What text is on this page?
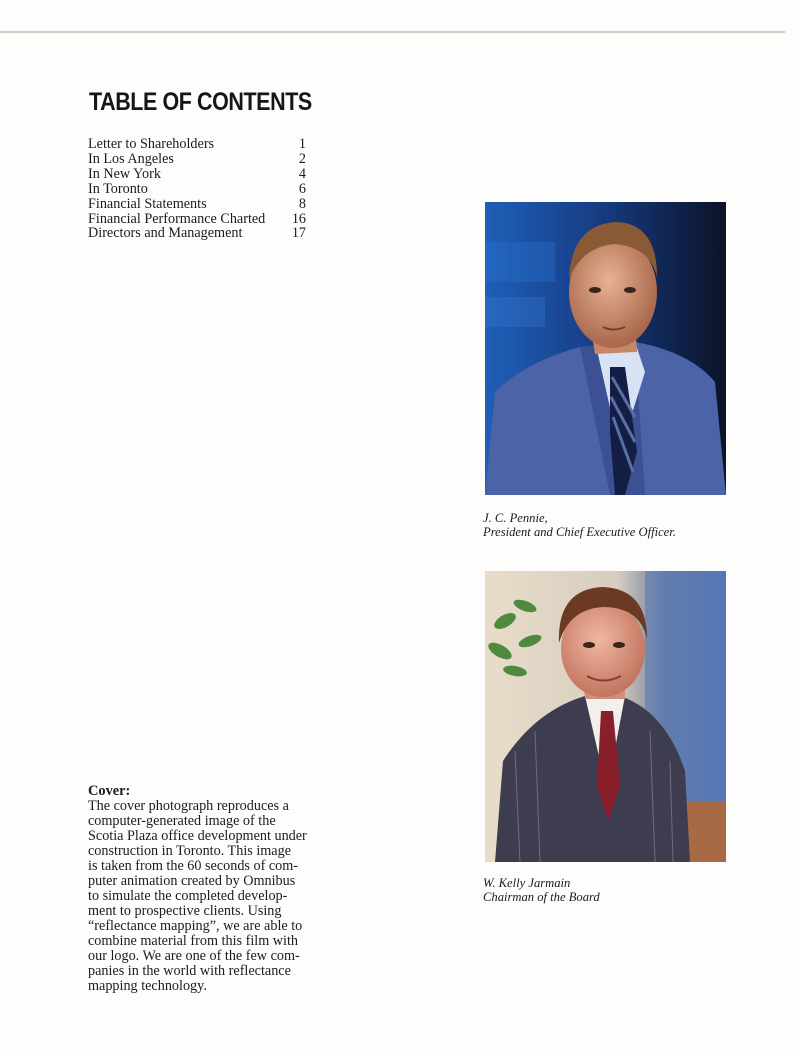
TABLE OF CONTENTS
Letter to Shareholders	1
In Los Angeles	2
In New York	4
In Toronto	6
Financial Statements	8
Financial Performance Charted 16
Directors and Management	17

J. C. Pennie,
President and Chief Executive Officer.

W. Kelly Jarmain
Chairman of the Board

Cover:

The cover photograph reproduces a
computer-generated image of the
Scotia Plaza office development under
construction in Toronto. This image
is taken from the 60 seconds of com-
puter animation created by Omnibus
to simulate the completed develop-
ment to prospective clients. Using
“reflectance mapping”, we are able to
combine material from this film with
our logo. We are one of the few com-
panies in the world with reflectance
mapping technology.
